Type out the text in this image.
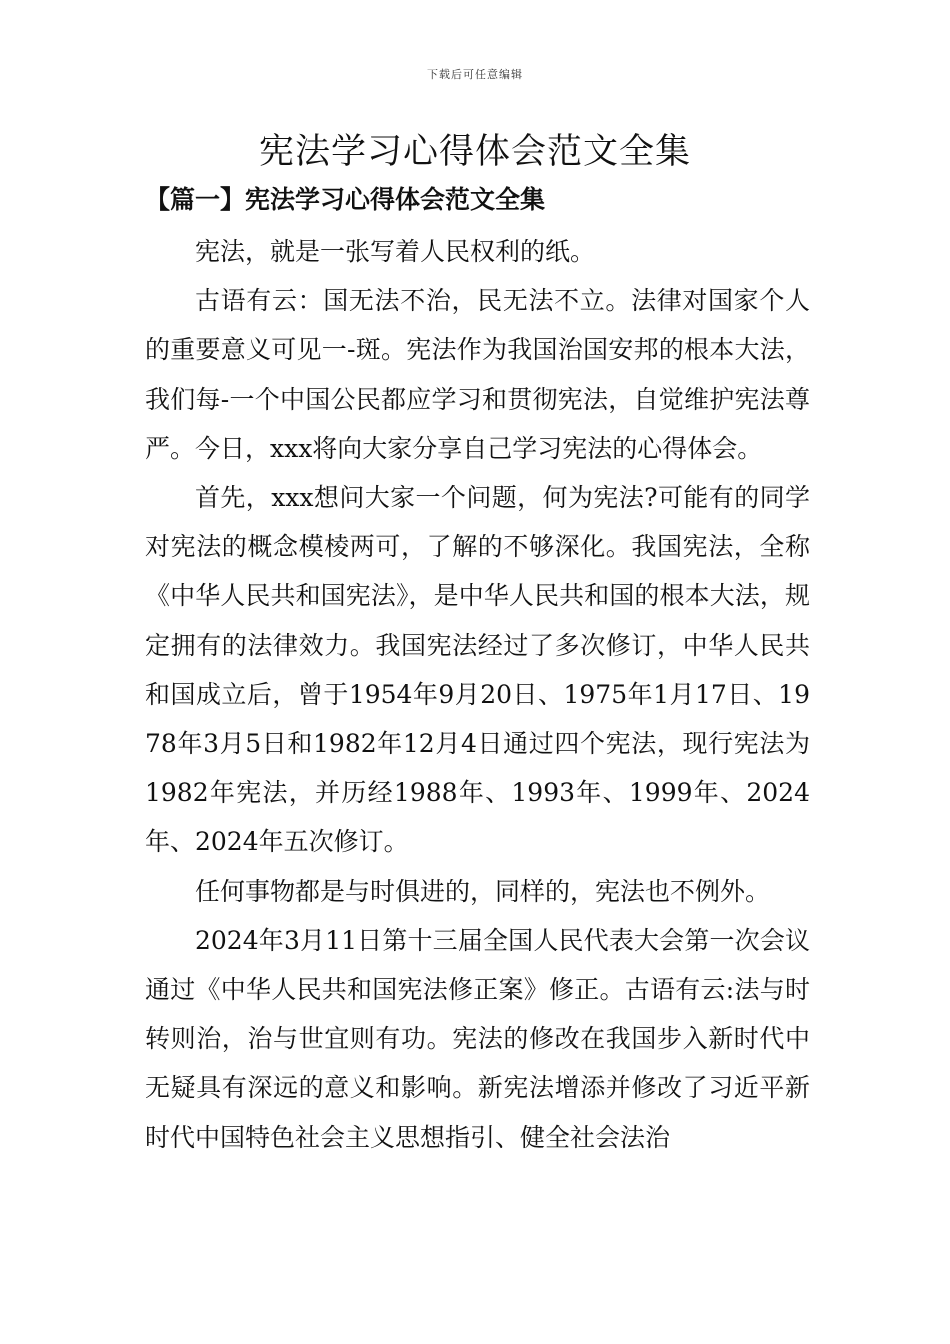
下载后可任意编辑
宪法学习心得体会范文全集
【篇一】宪法学习心得体会范文全集

宪法，就是一张写着人民权利的纸。

古语有云：国无法不治，民无法不立。法律对国家个人的重要意义可见一-斑。宪法作为我国治国安邦的根本大法，我们每-一个中国公民都应学习和贯彻宪法，自觉维护宪法尊严。今日，xxx将向大家分享自己学习宪法的心得体会。

首先，xxx想问大家一个问题，何为宪法?可能有的同学对宪法的概念模棱两可，了解的不够深化。我国宪法，全称《中华人民共和国宪法》，是中华人民共和国的根本大法，规定拥有的法律效力。我国宪法经过了多次修订，中华人民共和国成立后，曾于1954年9月20日、1975年1月17日、1978年3月5日和1982年12月4日通过四个宪法，现行宪法为1982年宪法，并历经1988年、1993年、1999年、2024年、2024年五次修订。

任何事物都是与时俱进的，同样的，宪法也不例外。

2024年3月11日第十三届全国人民代表大会第一次会议通过《中华人民共和国宪法修正案》修正。古语有云:法与时转则治，治与世宜则有功。宪法的修改在我国步入新时代中无疑具有深远的意义和影响。新宪法增添并修改了习近平新时代中国特色社会主义思想指引、健全社会法治
